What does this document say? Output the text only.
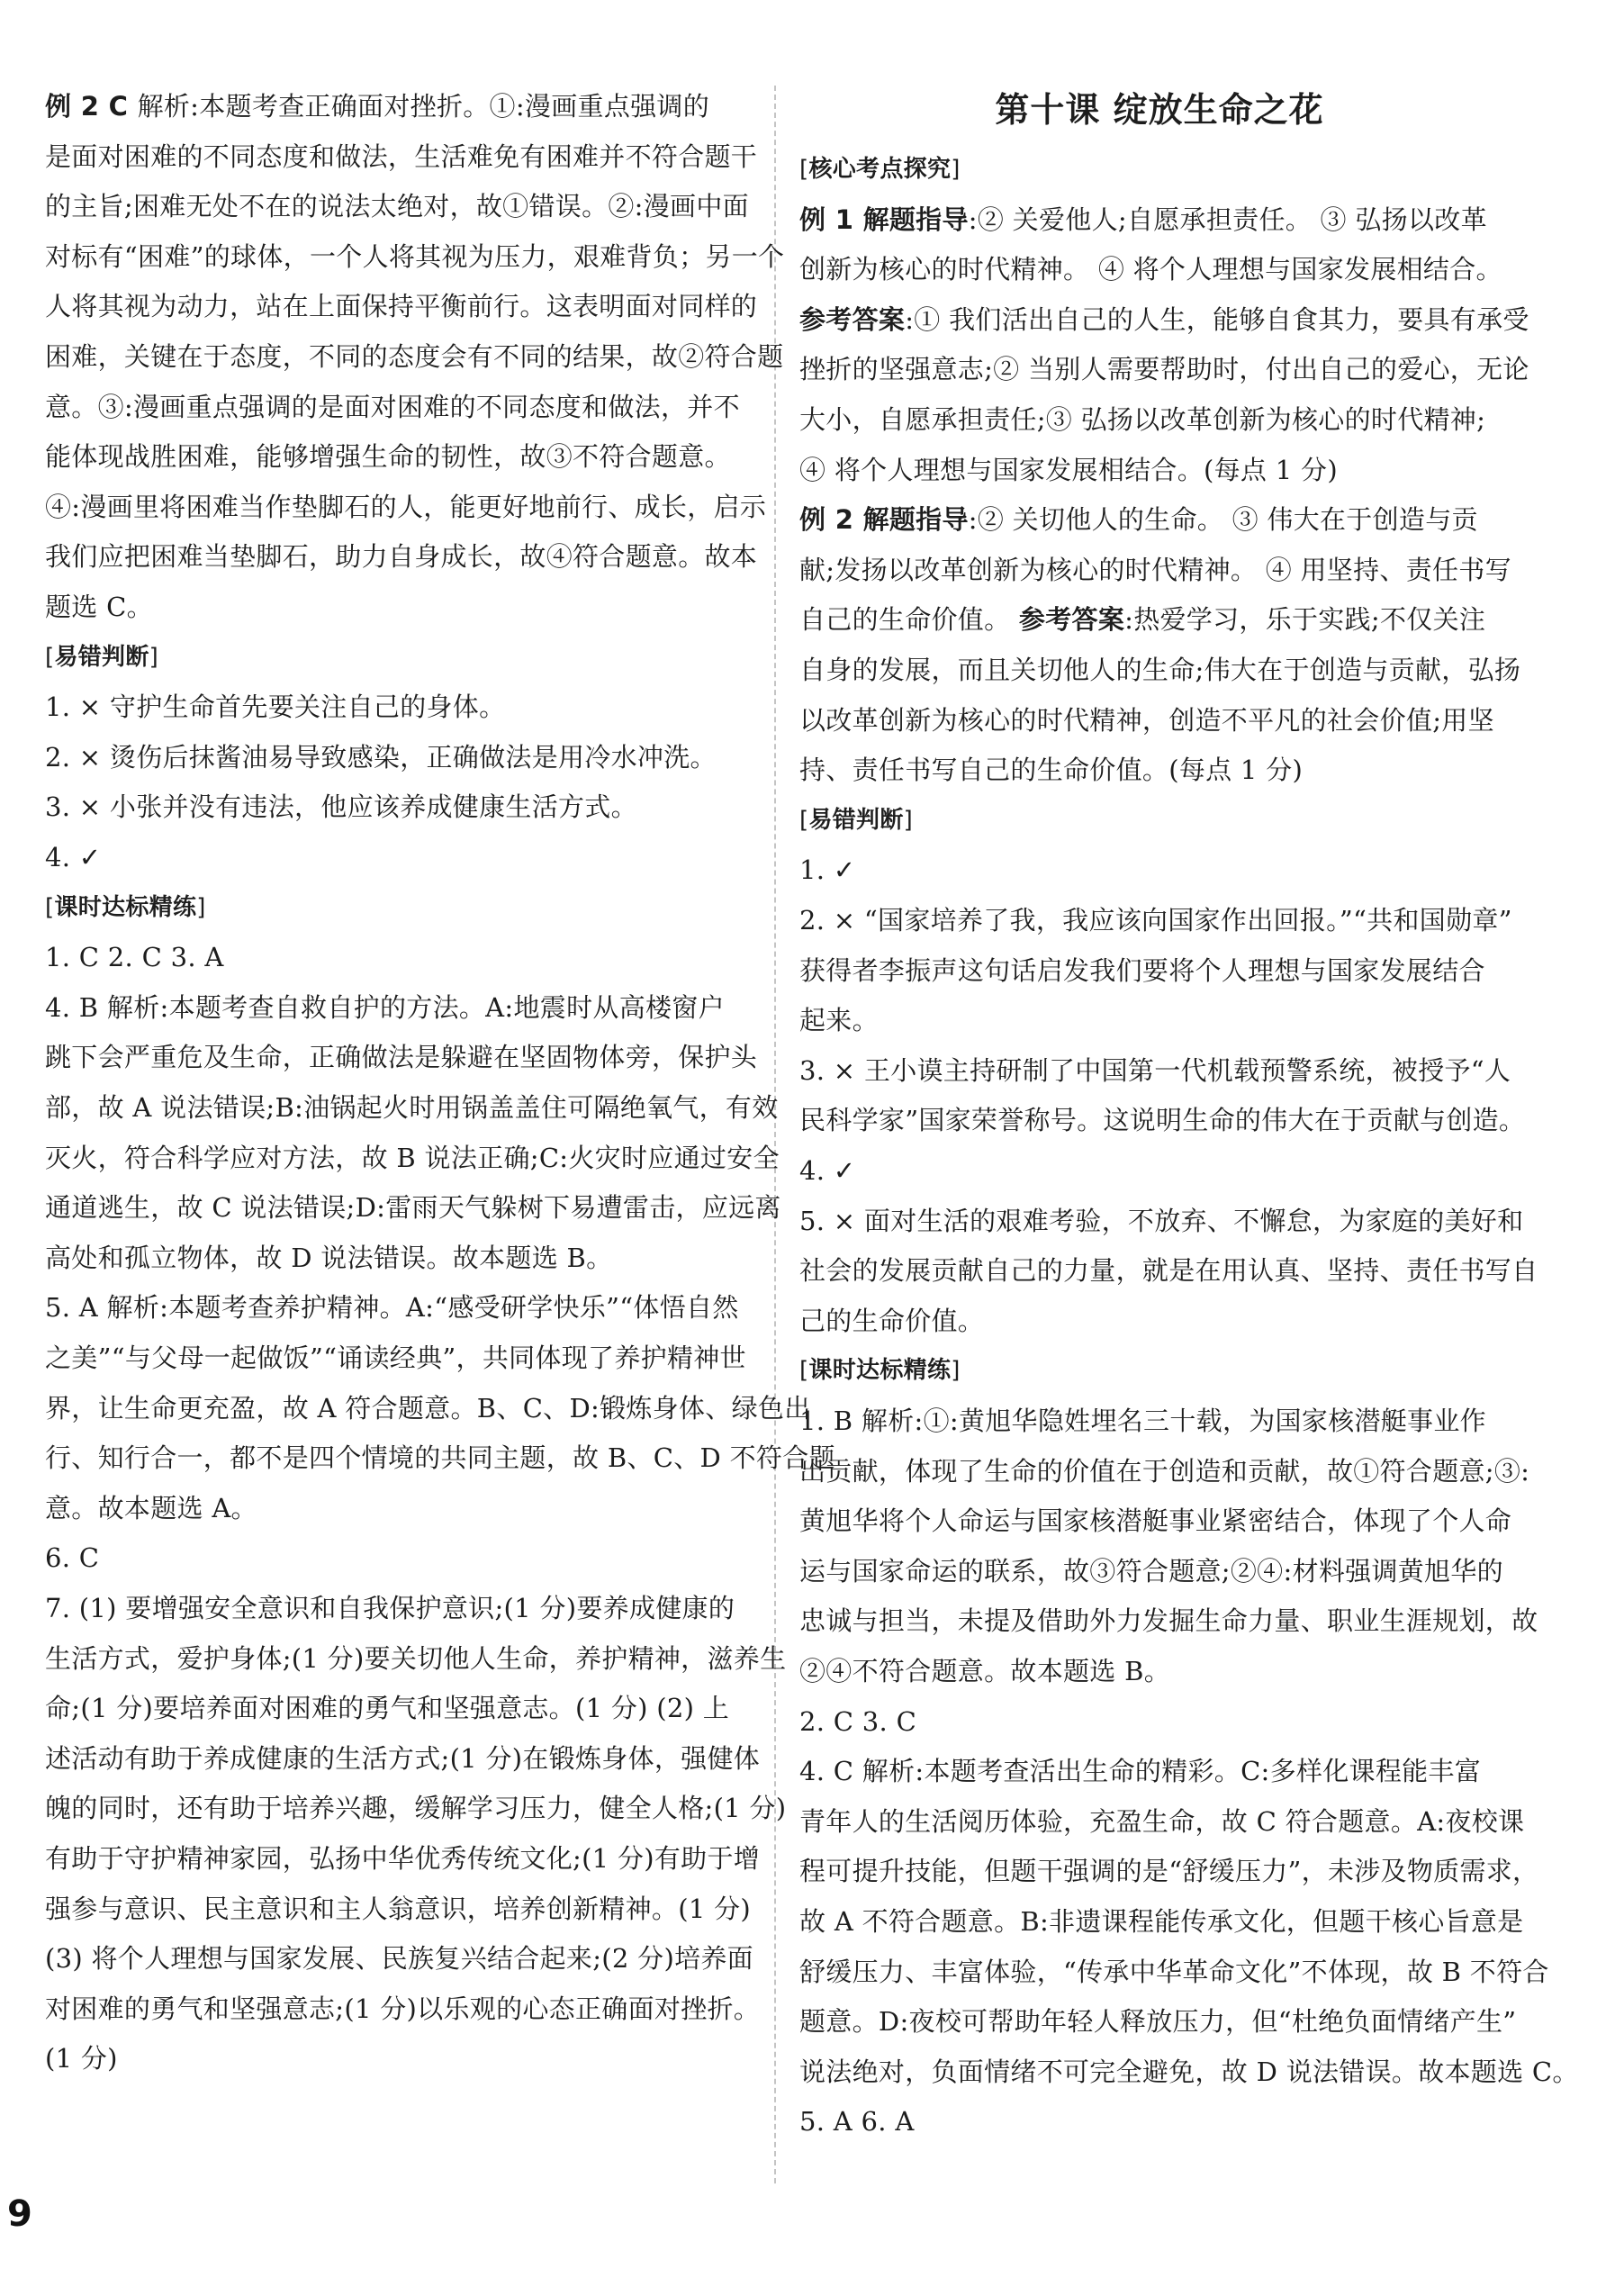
例 2 C 解析:本题考查正确面对挫折。①:漫画重点强调的
是面对困难的不同态度和做法，生活难免有困难并不符合题干
的主旨;困难无处不在的说法太绝对，故①错误。②:漫画中面
对标有“困难”的球体，一个人将其视为压力，艰难背负；另一个
人将其视为动力，站在上面保持平衡前行。这表明面对同样的
困难，关键在于态度，不同的态度会有不同的结果，故②符合题
意。③:漫画重点强调的是面对困难的不同态度和做法，并不
能体现战胜困难，能够增强生命的韧性，故③不符合题意。
④:漫画里将困难当作垫脚石的人，能更好地前行、成长，启示
我们应把困难当垫脚石，助力自身成长，故④符合题意。故本
题选 C。
[ 易错判断 ]
1. × 守护生命首先要关注自己的身体。
2. × 烫伤后抹酱油易导致感染，正确做法是用冷水冲洗。
3. × 小张并没有违法，他应该养成健康生活方式。
4. ✓
[ 课时达标精练 ]
1. C 2. C 3. A
4. B 解析:本题考查自救自护的方法。A:地震时从高楼窗户
跳下会严重危及生命，正确做法是躲避在坚固物体旁，保护头
部，故 A 说法错误;B:油锅起火时用锅盖盖住可隔绝氧气，有效
灭火，符合科学应对方法，故 B 说法正确;C:火灾时应通过安全
通道逃生，故 C 说法错误;D:雷雨天气躲树下易遭雷击，应远离
高处和孤立物体，故 D 说法错误。故本题选 B。
5. A 解析:本题考查养护精神。A:“感受研学快乐”“体悟自然
之美”“与父母一起做饭”“诵读经典”，共同体现了养护精神世
界，让生命更充盈，故 A 符合题意。B、C、D:锻炼身体、绿色出
行、知行合一，都不是四个情境的共同主题，故 B、C、D 不符合题
意。故本题选 A。
6. C
7. (1) 要增强安全意识和自我保护意识;(1 分)要养成健康的
生活方式，爱护身体;(1 分)要关切他人生命，养护精神，滋养生
命;(1 分)要培养面对困难的勇气和坚强意志。(1 分) (2) 上
述活动有助于养成健康的生活方式;(1 分)在锻炼身体，强健体
魄的同时，还有助于培养兴趣，缓解学习压力，健全人格;(1 分)
有助于守护精神家园，弘扬中华优秀传统文化;(1 分)有助于增
强参与意识、民主意识和主人翁意识，培养创新精神。(1 分)
(3) 将个人理想与国家发展、民族复兴结合起来;(2 分)培养面
对困难的勇气和坚强意志;(1 分)以乐观的心态正确面对挫折。
(1 分)
第十课 绽放生命之花
[ 核心考点探究 ]
例 1 解题指导:② 关爱他人;自愿承担责任。 ③ 弘扬以改革
创新为核心的时代精神。 ④ 将个人理想与国家发展相结合。
参考答案:① 我们活出自己的人生，能够自食其力，要具有承受
挫折的坚强意志;② 当别人需要帮助时，付出自己的爱心，无论
大小，自愿承担责任;③ 弘扬以改革创新为核心的时代精神;
④ 将个人理想与国家发展相结合。(每点 1 分)
例 2 解题指导:② 关切他人的生命。 ③ 伟大在于创造与贡
献;发扬以改革创新为核心的时代精神。 ④ 用坚持、责任书写
自己的生命价值。 参考答案:热爱学习，乐于实践;不仅关注
自身的发展，而且关切他人的生命;伟大在于创造与贡献，弘扬
以改革创新为核心的时代精神，创造不平凡的社会价值;用坚
持、责任书写自己的生命价值。(每点 1 分)
[ 易错判断 ]
1. ✓
2. × “国家培养了我，我应该向国家作出回报。”“共和国勋章”
获得者李振声这句话启发我们要将个人理想与国家发展结合
起来。
3. × 王小谟主持研制了中国第一代机载预警系统，被授予“人
民科学家”国家荣誉称号。这说明生命的伟大在于贡献与创造。
4. ✓
5. × 面对生活的艰难考验，不放弃、不懈怠，为家庭的美好和
社会的发展贡献自己的力量，就是在用认真、坚持、责任书写自
己的生命价值。
[ 课时达标精练 ]
1. B 解析:①:黄旭华隐姓埋名三十载，为国家核潜艇事业作
出贡献，体现了生命的价值在于创造和贡献，故①符合题意;③:
黄旭华将个人命运与国家核潜艇事业紧密结合，体现了个人命
运与国家命运的联系，故③符合题意;②④:材料强调黄旭华的
忠诚与担当，未提及借助外力发掘生命力量、职业生涯规划，故
②④不符合题意。故本题选 B。
2. C 3. C
4. C 解析:本题考查活出生命的精彩。C:多样化课程能丰富
青年人的生活阅历体验，充盈生命，故 C 符合题意。A:夜校课
程可提升技能，但题干强调的是“舒缓压力”，未涉及物质需求，
故 A 不符合题意。B:非遗课程能传承文化，但题干核心旨意是
舒缓压力、丰富体验，“传承中华革命文化”不体现，故 B 不符合
题意。D:夜校可帮助年轻人释放压力，但“杜绝负面情绪产生”
说法绝对，负面情绪不可完全避免，故 D 说法错误。故本题选 C。
5. A 6. A
9
